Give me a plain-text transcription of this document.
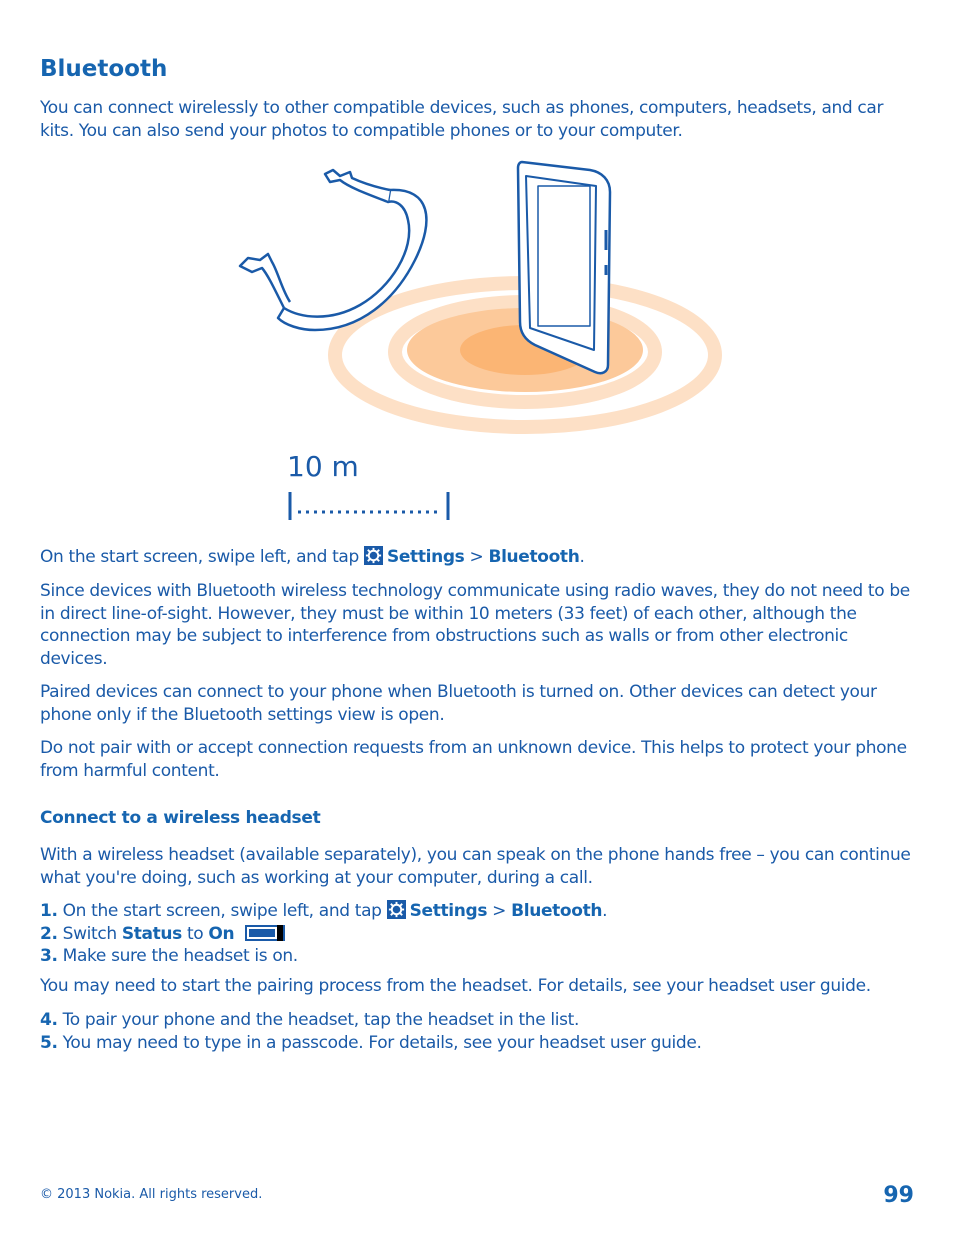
Bluetooth

You can connect wirelessly to other compatible devices, such as phones, computers, headsets, and car kits. You can also send your photos to compatible phones or to your computer.

10 m

On the start screen, swipe left, and tap Settings > Bluetooth.

Since devices with Bluetooth wireless technology communicate using radio waves, they do not need to be in direct line-of-sight. However, they must be within 10 meters (33 feet) of each other, although the connection may be subject to interference from obstructions such as walls or from other electronic devices.

Paired devices can connect to your phone when Bluetooth is turned on. Other devices can detect your phone only if the Bluetooth settings view is open.

Do not pair with or accept connection requests from an unknown device. This helps to protect your phone from harmful content.

Connect to a wireless headset

With a wireless headset (available separately), you can speak on the phone hands free – you can continue what you're doing, such as working at your computer, during a call.

1. On the start screen, swipe left, and tap Settings > Bluetooth.
2. Switch Status to On
3. Make sure the headset is on.

You may need to start the pairing process from the headset. For details, see your headset user guide.

4. To pair your phone and the headset, tap the headset in the list.
5. You may need to type in a passcode. For details, see your headset user guide.

© 2013 Nokia. All rights reserved.	99
